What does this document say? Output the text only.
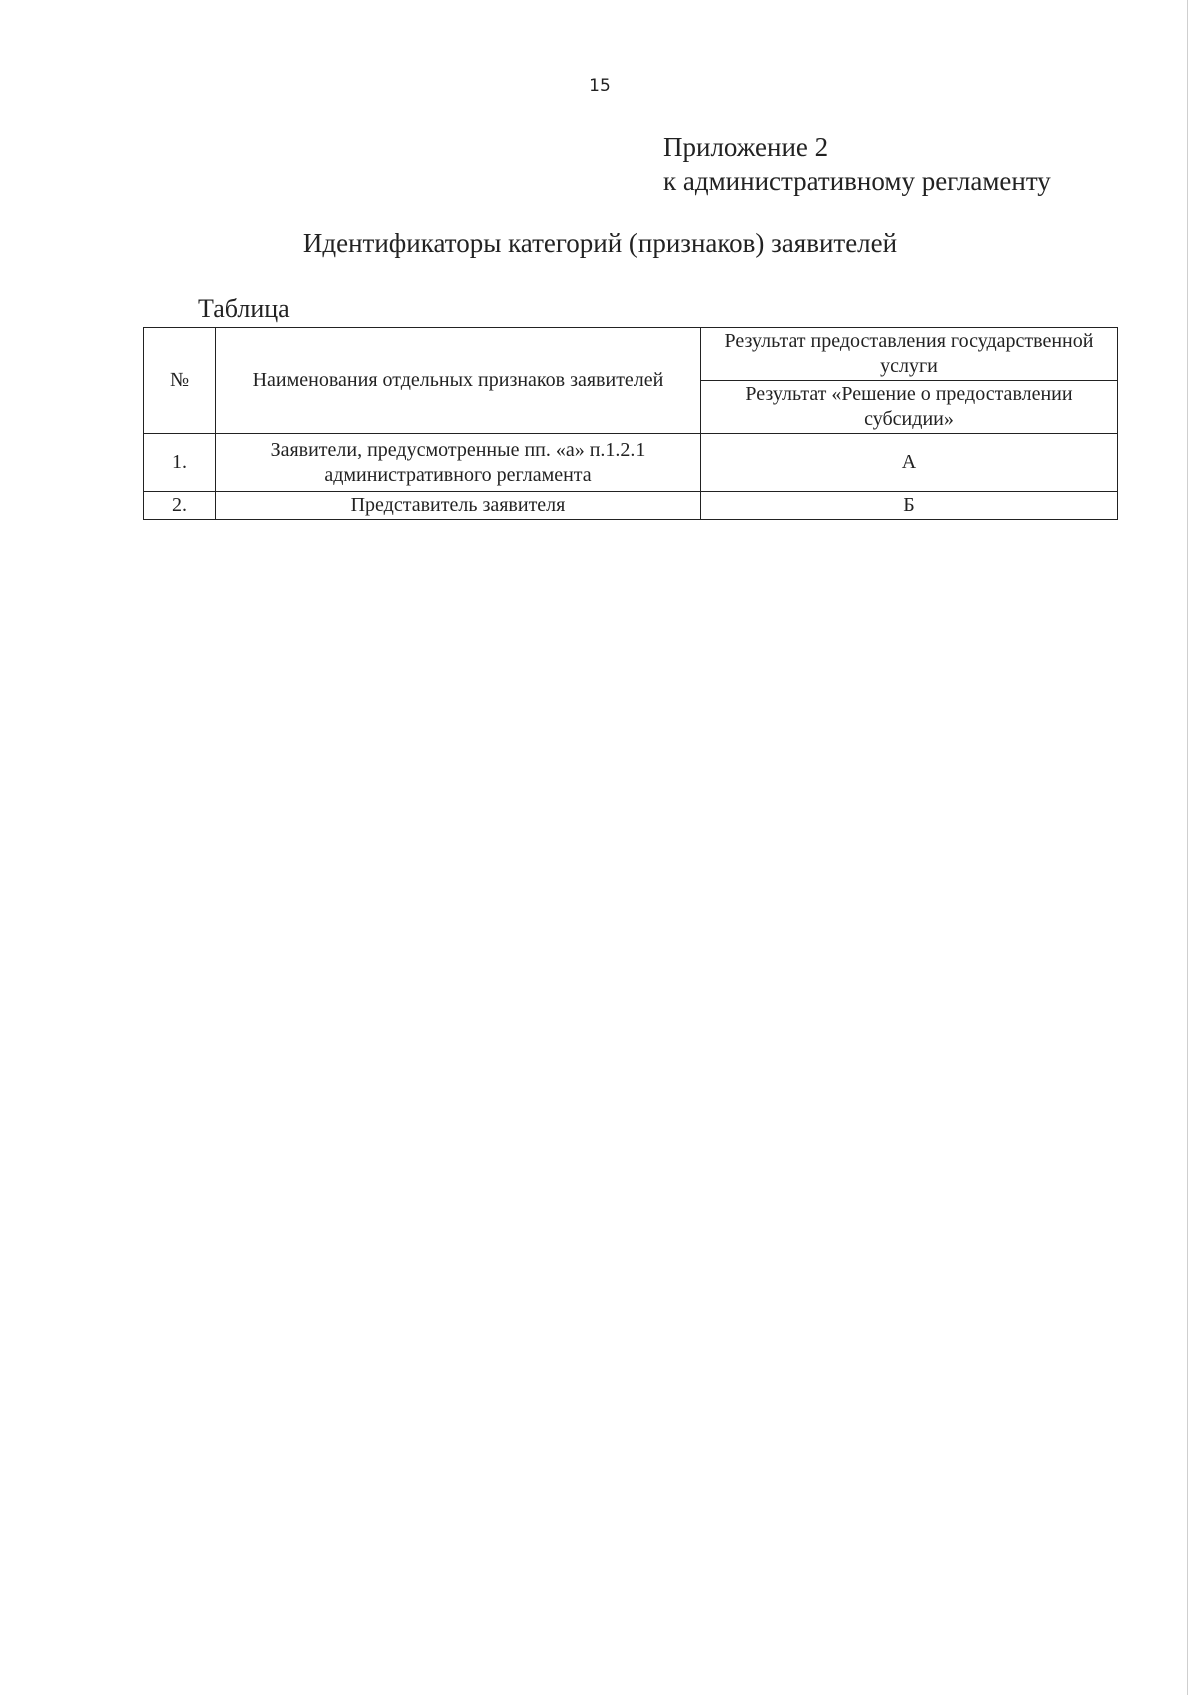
15
Приложение 2
к административному регламенту
Идентификаторы категорий (признаков) заявителей
Таблица
№	Наименования отдельных признаков заявителей	Результат предоставления государственной услуги
		Результат «Решение о предоставлении субсидии»
1.	Заявители, предусмотренные пп. «а» п.1.2.1 административного регламента	А
2.	Представитель заявителя	Б
